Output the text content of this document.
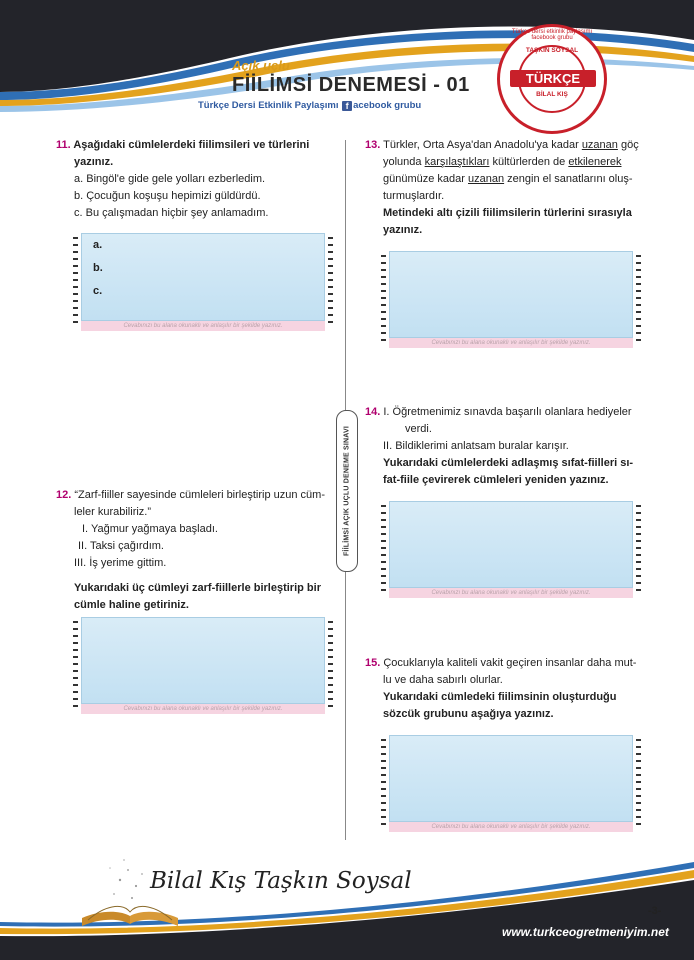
Açık uçlu
FİİLİMSİ DENEMESİ - 01
Türkçe Dersi Etkinlik Paylaşımı f acebook grubu
Türkçe dersi etkinlik paylaşımı facebook grubu
TAŞKIN SOYSAL
TÜRKÇE
BİLAL KIŞ
FİİLİMSİ AÇIK UÇLU DENEME SINAVI
11. Aşağıdaki cümlelerdeki fiilimsileri ve türlerini
yazınız.
a. Bingöl'e gide gele yolları ezberledim.
b. Çocuğun koşuşu hepimizi güldürdü.
c. Bu çalışmadan hiçbir şey anlamadım.
a.
b.
c.
Cevabınızı bu alana okunaklı ve anlaşılır bir şekilde yazınız.
12. “Zarf-fiiller sayesinde cümleleri birleştirip uzun cüm-
leler kurabiliriz.”
I. Yağmur yağmaya başladı.
II. Taksi çağırdım.
III. İş yerime gittim.
Yukarıdaki üç cümleyi zarf-fiillerle birleştirip bir
cümle haline getiriniz.
Cevabınızı bu alana okunaklı ve anlaşılır bir şekilde yazınız.
13. Türkler, Orta Asya'dan Anadolu'ya kadar uzanan göç
yolunda karşılaştıkları kültürlerden de etkilenerek
günümüze kadar uzanan zengin el sanatlarını oluş-
turmuşlardır.
Metindeki altı çizili fiilimsilerin türlerini sırasıyla
yazınız.
Cevabınızı bu alana okunaklı ve anlaşılır bir şekilde yazınız.
14. I. Öğretmenimiz sınavda başarılı olanlara hediyeler
verdi.
II. Bildiklerimi anlatsam buralar karışır.
Yukarıdaki cümlelerdeki adlaşmış sıfat-fiilleri sı-
fat-fiile çevirerek cümleleri yeniden yazınız.
Cevabınızı bu alana okunaklı ve anlaşılır bir şekilde yazınız.
15. Çocuklarıyla kaliteli vakit geçiren insanlar daha mut-
lu ve daha sabırlı olurlar.
Yukarıdaki cümledeki fiilimsinin oluşturduğu
sözcük grubunu aşağıya yazınız.
Cevabınızı bu alana okunaklı ve anlaşılır bir şekilde yazınız.
Bilal Kış Taşkın Soysal
-3-
www.turkceogretmeniyim.net
